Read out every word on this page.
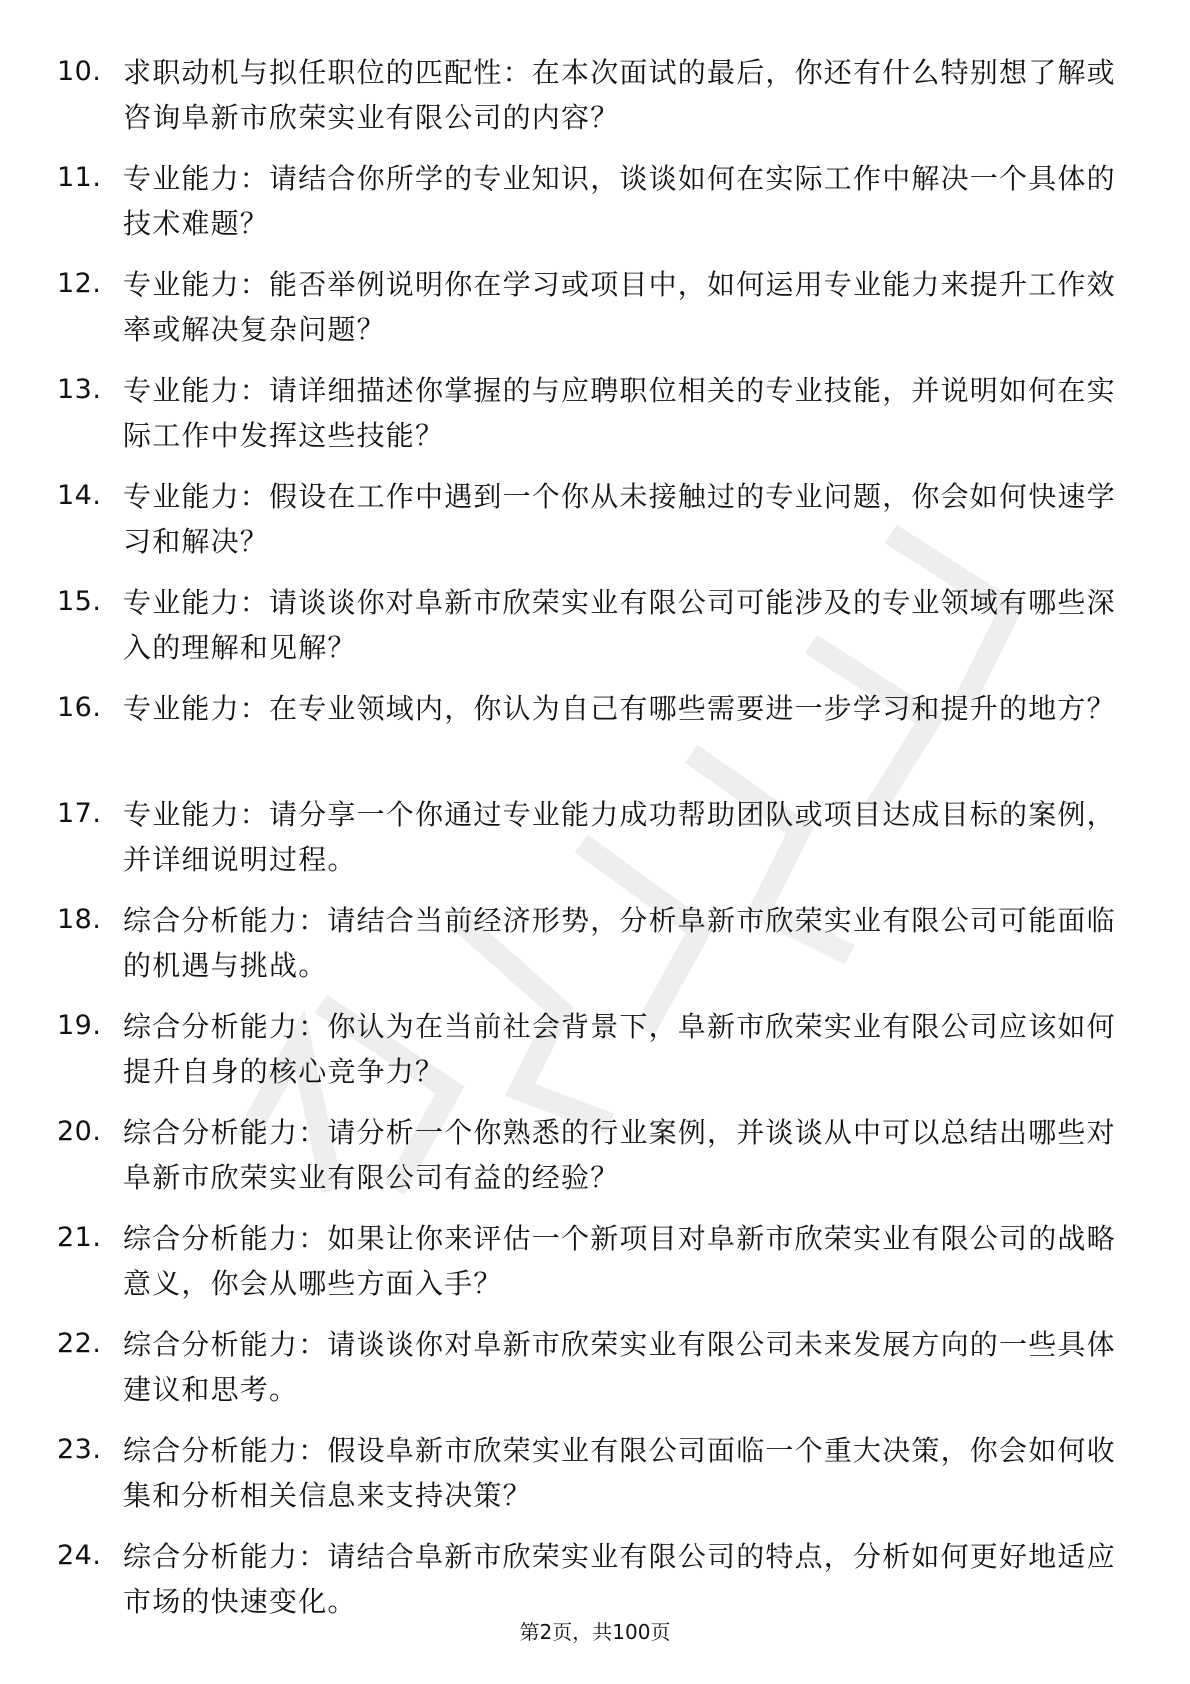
10. 求职动机与拟任职位的匹配性：在本次面试的最后，你还有什么特别想了解或咨询阜新市欣荣实业有限公司的内容？
11. 专业能力：请结合你所学的专业知识，谈谈如何在实际工作中解决一个具体的技术难题？
12. 专业能力：能否举例说明你在学习或项目中，如何运用专业能力来提升工作效率或解决复杂问题？
13. 专业能力：请详细描述你掌握的与应聘职位相关的专业技能，并说明如何在实际工作中发挥这些技能？
14. 专业能力：假设在工作中遇到一个你从未接触过的专业问题，你会如何快速学习和解决？
15. 专业能力：请谈谈你对阜新市欣荣实业有限公司可能涉及的专业领域有哪些深入的理解和见解？
16. 专业能力：在专业领域内，你认为自己有哪些需要进一步学习和提升的地方？
17. 专业能力：请分享一个你通过专业能力成功帮助团队或项目达成目标的案例，并详细说明过程。
18. 综合分析能力：请结合当前经济形势，分析阜新市欣荣实业有限公司可能面临的机遇与挑战。
19. 综合分析能力：你认为在当前社会背景下，阜新市欣荣实业有限公司应该如何提升自身的核心竞争力？
20. 综合分析能力：请分析一个你熟悉的行业案例，并谈谈从中可以总结出哪些对阜新市欣荣实业有限公司有益的经验？
21. 综合分析能力：如果让你来评估一个新项目对阜新市欣荣实业有限公司的战略意义，你会从哪些方面入手？
22. 综合分析能力：请谈谈你对阜新市欣荣实业有限公司未来发展方向的一些具体建议和思考。
23. 综合分析能力：假设阜新市欣荣实业有限公司面临一个重大决策，你会如何收集和分析相关信息来支持决策？
24. 综合分析能力：请结合阜新市欣荣实业有限公司的特点，分析如何更好地适应市场的快速变化。
第2页，共100页
